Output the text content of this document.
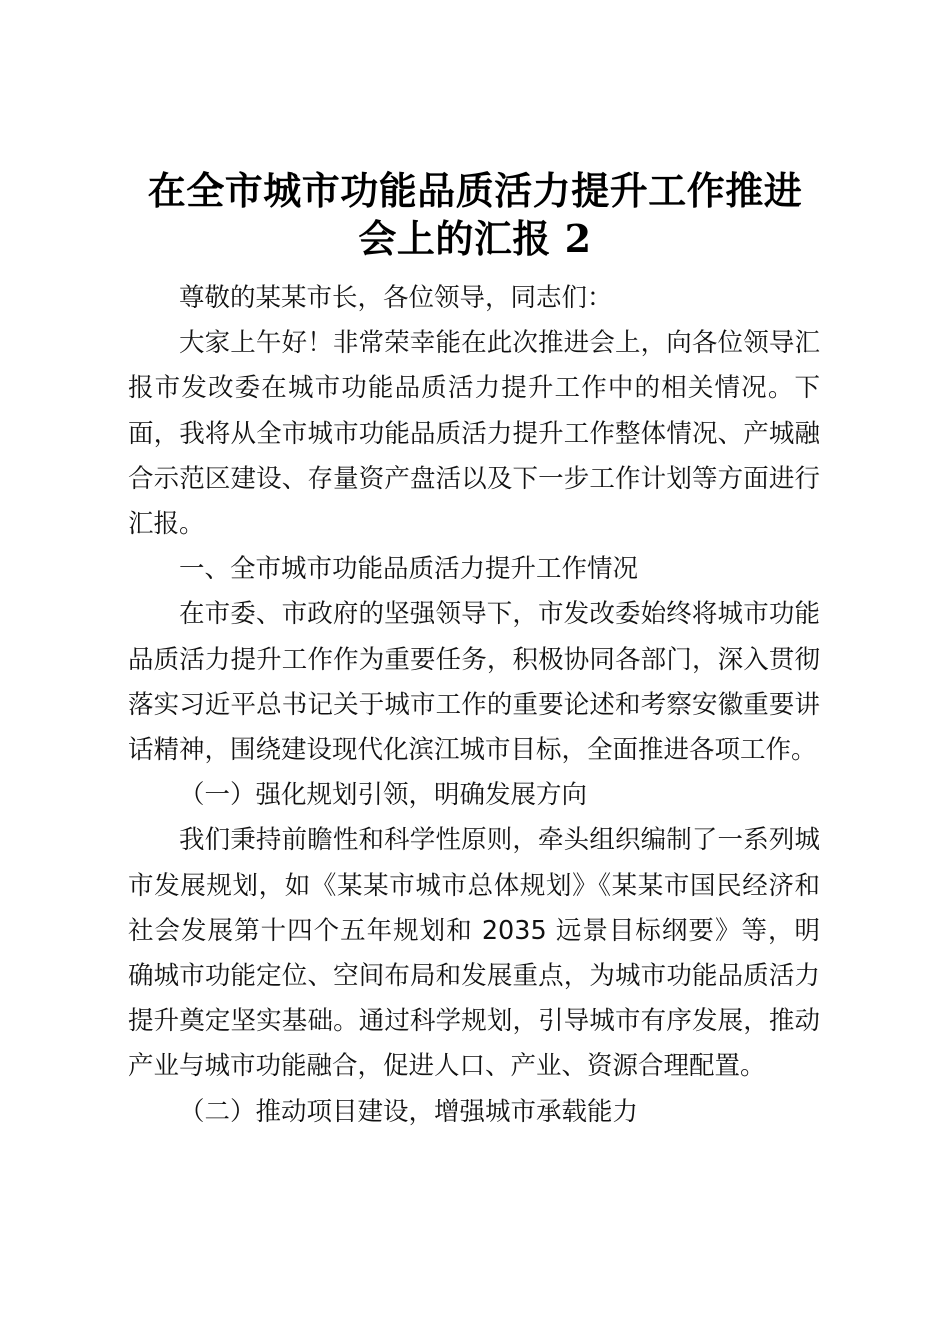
在全市城市功能品质活力提升工作推进
会上的汇报 2

尊敬的某某市长，各位领导，同志们：

大家上午好！非常荣幸能在此次推进会上，向各位领导汇报市发改委在城市功能品质活力提升工作中的相关情况。下面，我将从全市城市功能品质活力提升工作整体情况、产城融合示范区建设、存量资产盘活以及下一步工作计划等方面进行汇报。

一、全市城市功能品质活力提升工作情况

在市委、市政府的坚强领导下，市发改委始终将城市功能品质活力提升工作作为重要任务，积极协同各部门，深入贯彻落实习近平总书记关于城市工作的重要论述和考察安徽重要讲话精神，围绕建设现代化滨江城市目标，全面推进各项工作。

（一）强化规划引领，明确发展方向

我们秉持前瞻性和科学性原则，牵头组织编制了一系列城市发展规划，如《某某市城市总体规划》《某某市国民经济和社会发展第十四个五年规划和 2035 远景目标纲要》等，明确城市功能定位、空间布局和发展重点，为城市功能品质活力提升奠定坚实基础。通过科学规划，引导城市有序发展，推动产业与城市功能融合，促进人口、产业、资源合理配置。

（二）推动项目建设，增强城市承载能力
